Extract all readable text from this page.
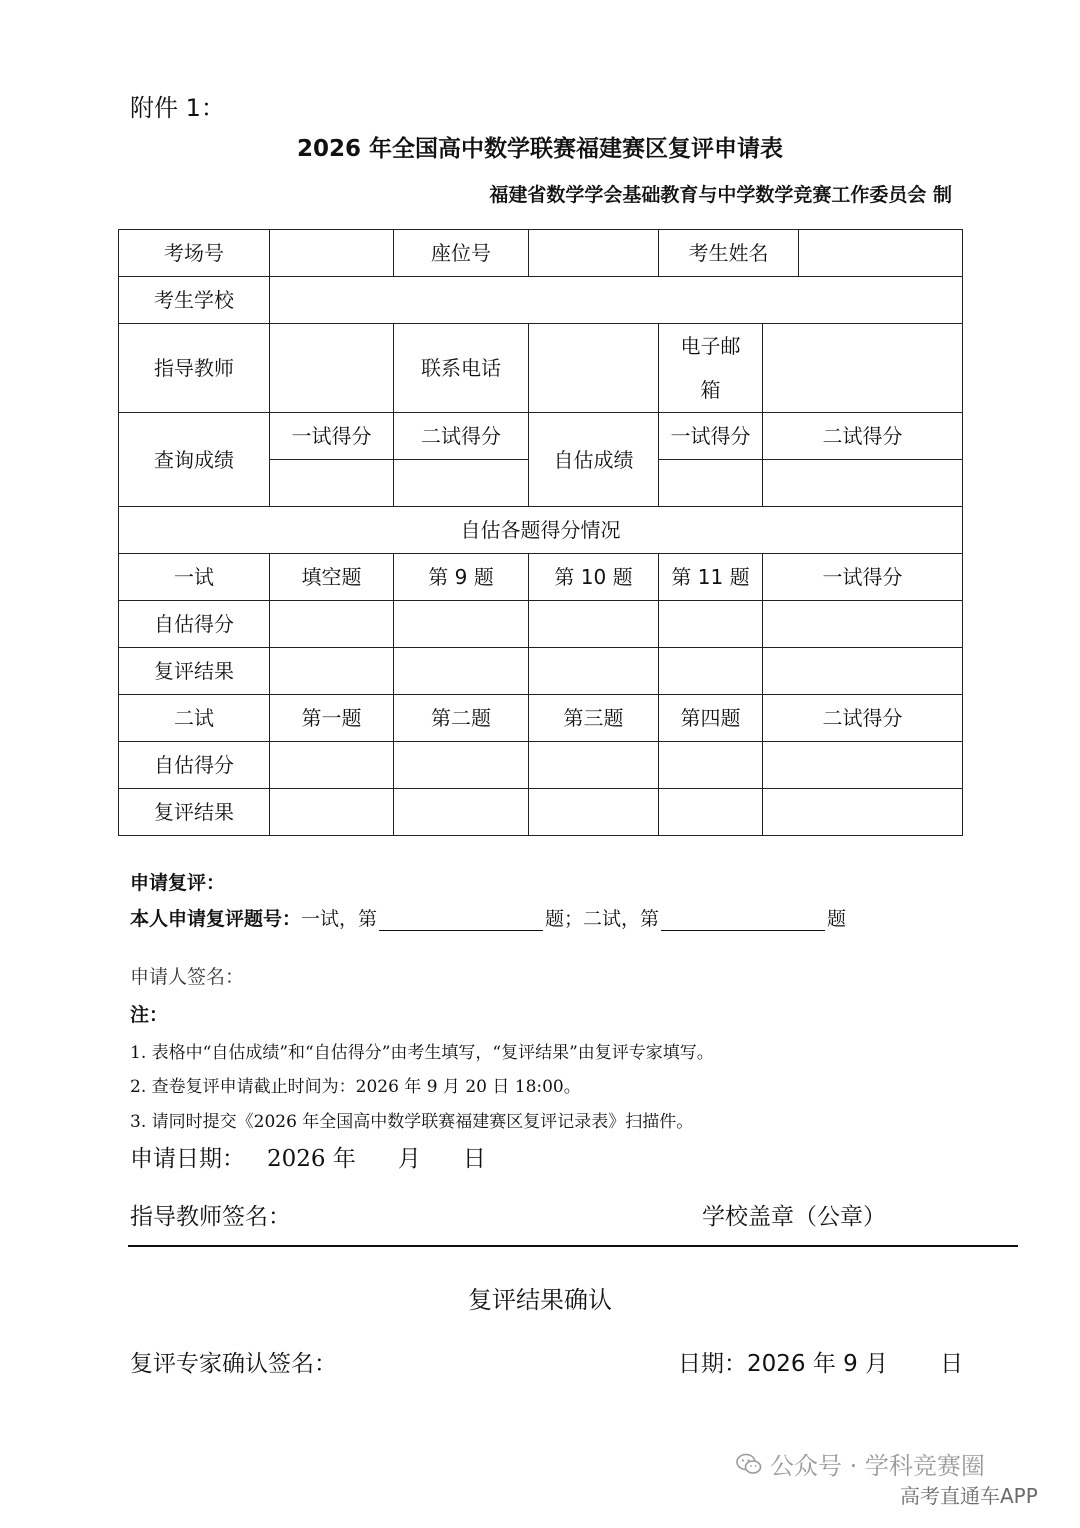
附件 1：
2026 年全国高中数学联赛福建赛区复评申请表
福建省数学学会基础教育与中学数学竞赛工作委员会 制
考场号		座位号		考生姓名		
考生学校						
指导教师		联系电话		电子邮
箱		

查询成绩	一试得分	二试得分	自估成绩	一试得分	二试得分	

自估各题得分情况						
一试	填空题	第 9 题	第 10 题	第 11 题	一试得分	
自估得分						
复评结果						
二试	第一题	第二题	第三题	第四题	二试得分	
自估得分						
复评结果						
申请复评：
本人申请复评题号：一试，第	题；二试，第	题
申请人签名：
注：
1. 表格中“自估成绩”和“自估得分”由考生填写，“复评结果”由复评专家填写。
2. 查卷复评申请截止时间为：2026 年 9 月 20 日 18:00。
3. 请同时提交《2026 年全国高中数学联赛福建赛区复评记录表》扫描件。
申请日期： 2026 年 月 日
指导教师签名：	学校盖章（公章）
复评结果确认
复评专家确认签名：	日期：2026 年 9 月 日
公众号 · 学科竞赛圈
高考直通车APP
